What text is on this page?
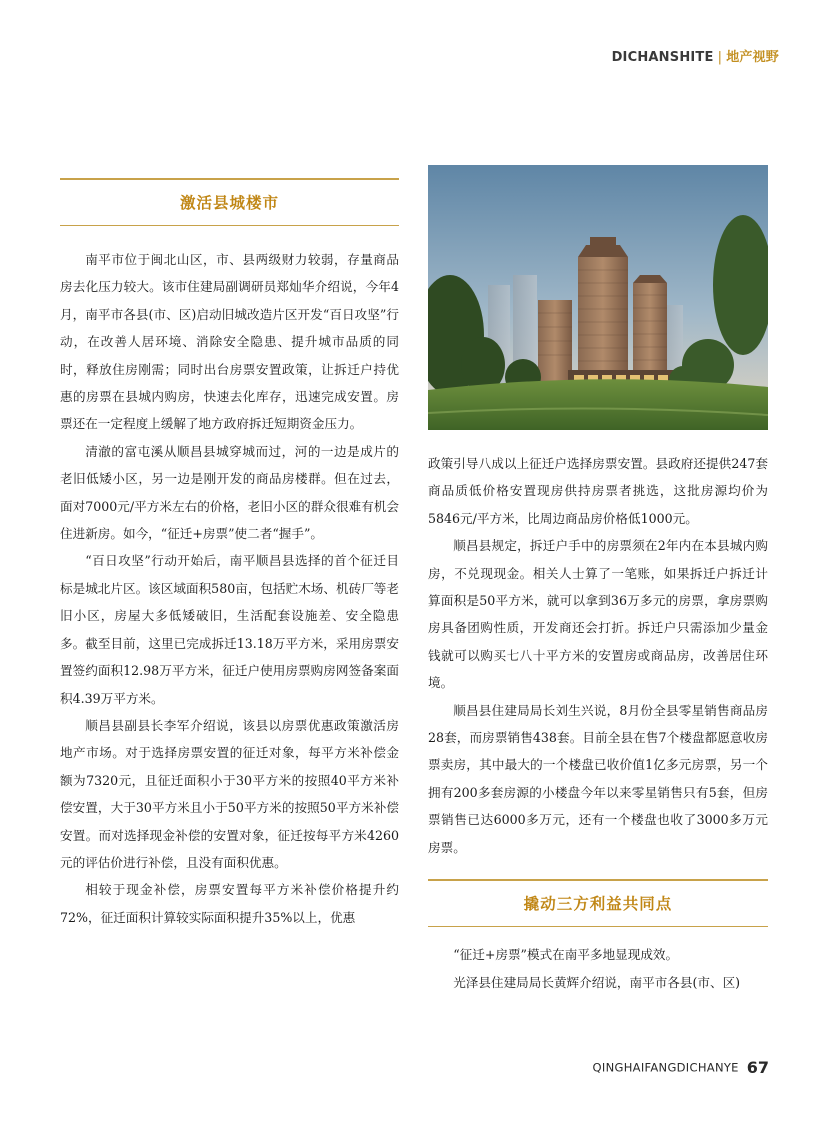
DICHANSHITE | 地产视野
激活县城楼市

南平市位于闽北山区，市、县两级财力较弱，存量商品房去化压力较大。该市住建局副调研员郑灿华介绍说，今年4月，南平市各县(市、区)启动旧城改造片区开发“百日攻坚”行动，在改善人居环境、消除安全隐患、提升城市品质的同时，释放住房刚需；同时出台房票安置政策，让拆迁户持优惠的房票在县城内购房，快速去化库存，迅速完成安置。房票还在一定程度上缓解了地方政府拆迁短期资金压力。

清澈的富屯溪从顺昌县城穿城而过，河的一边是成片的老旧低矮小区，另一边是刚开发的商品房楼群。但在过去，面对7000元/平方米左右的价格，老旧小区的群众很难有机会住进新房。如今，“征迁+房票”使二者“握手”。

“百日攻坚”行动开始后，南平顺昌县选择的首个征迁目标是城北片区。该区域面积580亩，包括贮木场、机砖厂等老旧小区，房屋大多低矮破旧，生活配套设施差、安全隐患多。截至目前，这里已完成拆迁13.18万平方米，采用房票安置签约面积12.98万平方米，征迁户使用房票购房网签备案面积4.39万平方米。

顺昌县副县长李军介绍说，该县以房票优惠政策激活房地产市场。对于选择房票安置的征迁对象，每平方米补偿金额为7320元，且征迁面积小于30平方米的按照40平方米补偿安置，大于30平方米且小于50平方米的按照50平方米补偿安置。而对选择现金补偿的安置对象，征迁按每平方米4260元的评估价进行补偿，且没有面积优惠。

相较于现金补偿，房票安置每平方米补偿价格提升约72%，征迁面积计算较实际面积提升35%以上，优惠

政策引导八成以上征迁户选择房票安置。县政府还提供247套商品质低价格安置现房供持房票者挑选，这批房源均价为5846元/平方米，比周边商品房价格低1000元。

顺昌县规定，拆迁户手中的房票须在2年内在本县城内购房，不兑现现金。相关人士算了一笔账，如果拆迁户拆迁计算面积是50平方米，就可以拿到36万多元的房票，拿房票购房具备团购性质，开发商还会打折。拆迁户只需添加少量金钱就可以购买七八十平方米的安置房或商品房，改善居住环境。

顺昌县住建局局长刘生兴说，8月份全县零星销售商品房28套，而房票销售438套。目前全县在售7个楼盘都愿意收房票卖房，其中最大的一个楼盘已收价值1亿多元房票，另一个拥有200多套房源的小楼盘今年以来零星销售只有5套，但房票销售已达6000多万元，还有一个楼盘也收了3000多万元房票。

撬动三方利益共同点

“征迁+房票”模式在南平多地显现成效。

光泽县住建局局长黄辉介绍说，南平市各县(市、区)

QINGHAIFANGDICHANYE 67
